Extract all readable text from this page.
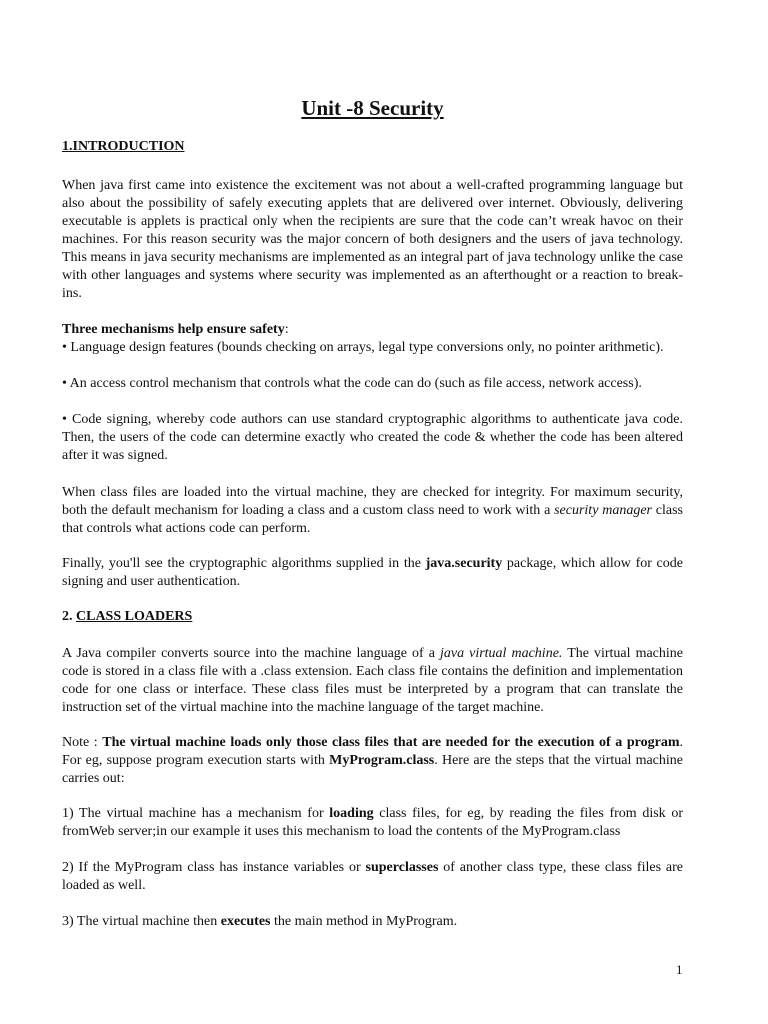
Unit -8 Security
1.INTRODUCTION

When java first came into existence the excitement was not about a well-crafted programming language but also about the possibility of safely executing applets that are delivered over internet. Obviously, delivering executable is applets is practical only when the recipients are sure that the code can’t wreak havoc on their machines. For this reason security was the major concern of both designers and the users of java technology. This means in java security mechanisms are implemented as an integral part of java technology unlike the case with other languages and systems where security was implemented as an afterthought or a reaction to break-ins.

Three mechanisms help ensure safety:

• Language design features (bounds checking on arrays, legal type conversions only, no pointer arithmetic).

• An access control mechanism that controls what the code can do (such as file access, network access).

• Code signing, whereby code authors can use standard cryptographic algorithms to authenticate java code. Then, the users of the code can determine exactly who created the code & whether the code has been altered after it was signed.

When class files are loaded into the virtual machine, they are checked for integrity. For maximum security, both the default mechanism for loading a class and a custom class need to work with a security manager class that controls what actions code can perform.

Finally, you'll see the cryptographic algorithms supplied in the java.security package, which allow for code signing and user authentication.

2. CLASS LOADERS

A Java compiler converts source into the machine language of a java virtual machine. The virtual machine code is stored in a class file with a .class extension. Each class file contains the definition and implementation code for one class or interface. These class files must be interpreted by a program that can translate the instruction set of the virtual machine into the machine language of the target machine.

Note : The virtual machine loads only those class files that are needed for the execution of a program. For eg, suppose program execution starts with MyProgram.class. Here are the steps that the virtual machine carries out:

1) The virtual machine has a mechanism for loading class files, for eg, by reading the files from disk or fromWeb server;in our example it uses this mechanism to load the contents of the MyProgram.class

2) If the MyProgram class has instance variables or superclasses of another class type, these class files are loaded as well.

3) The virtual machine then executes the main method in MyProgram.

1
